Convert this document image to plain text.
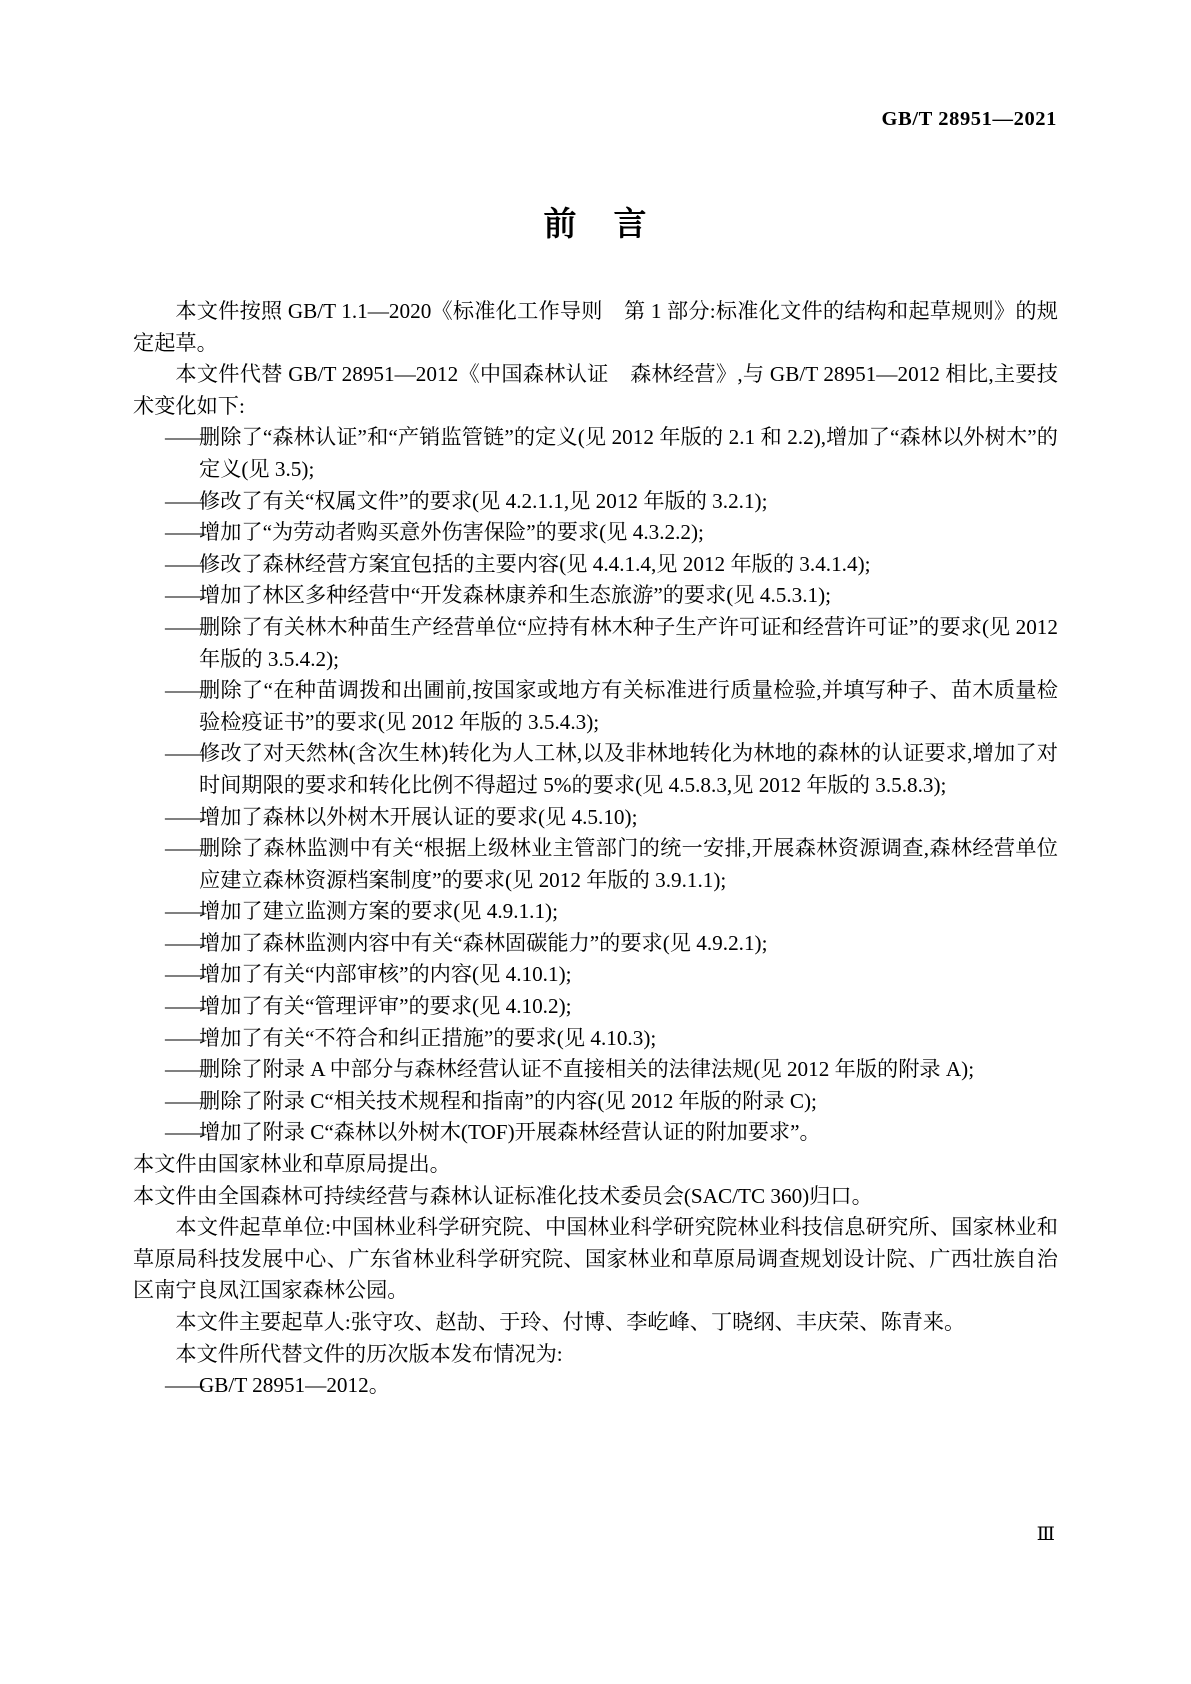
GB/T 28951—2021
前 言

本文件按照 GB/T 1.1—2020《标准化工作导则　第 1 部分:标准化文件的结构和起草规则》的规定起草。

本文件代替 GB/T 28951—2012《中国森林认证　森林经营》,与 GB/T 28951—2012 相比,主要技术变化如下:

——
删除了“森林认证”和“产销监管链”的定义(见 2012 年版的 2.1 和 2.2),增加了“森林以外树木”的定义(见 3.5);
——
修改了有关“权属文件”的要求(见 4.2.1.1,见 2012 年版的 3.2.1);
——
增加了“为劳动者购买意外伤害保险”的要求(见 4.3.2.2);
——
修改了森林经营方案宜包括的主要内容(见 4.4.1.4,见 2012 年版的 3.4.1.4);
——
增加了林区多种经营中“开发森林康养和生态旅游”的要求(见 4.5.3.1);
——
删除了有关林木种苗生产经营单位“应持有林木种子生产许可证和经营许可证”的要求(见 2012 年版的 3.5.4.2);
——
删除了“在种苗调拨和出圃前,按国家或地方有关标准进行质量检验,并填写种子、苗木质量检验检疫证书”的要求(见 2012 年版的 3.5.4.3);
——
修改了对天然林(含次生林)转化为人工林,以及非林地转化为林地的森林的认证要求,增加了对时间期限的要求和转化比例不得超过 5%的要求(见 4.5.8.3,见 2012 年版的 3.5.8.3);
——
增加了森林以外树木开展认证的要求(见 4.5.10);
——
删除了森林监测中有关“根据上级林业主管部门的统一安排,开展森林资源调查,森林经营单位应建立森林资源档案制度”的要求(见 2012 年版的 3.9.1.1);
——
增加了建立监测方案的要求(见 4.9.1.1);
——
增加了森林监测内容中有关“森林固碳能力”的要求(见 4.9.2.1);
——
增加了有关“内部审核”的内容(见 4.10.1);
——
增加了有关“管理评审”的要求(见 4.10.2);
——
增加了有关“不符合和纠正措施”的要求(见 4.10.3);
——
删除了附录 A 中部分与森林经营认证不直接相关的法律法规(见 2012 年版的附录 A);
——
删除了附录 C“相关技术规程和指南”的内容(见 2012 年版的附录 C);
——
增加了附录 C“森林以外树木(TOF)开展森林经营认证的附加要求”。

本文件由国家林业和草原局提出。

本文件由全国森林可持续经营与森林认证标准化技术委员会(SAC/TC 360)归口。

本文件起草单位:中国林业科学研究院、中国林业科学研究院林业科技信息研究所、国家林业和草原局科技发展中心、广东省林业科学研究院、国家林业和草原局调查规划设计院、广西壮族自治区南宁良凤江国家森林公园。

本文件主要起草人:张守攻、赵劼、于玲、付博、李屹峰、丁晓纲、丰庆荣、陈青来。

本文件所代替文件的历次版本发布情况为:

——
GB/T 28951—2012。
Ⅲ
